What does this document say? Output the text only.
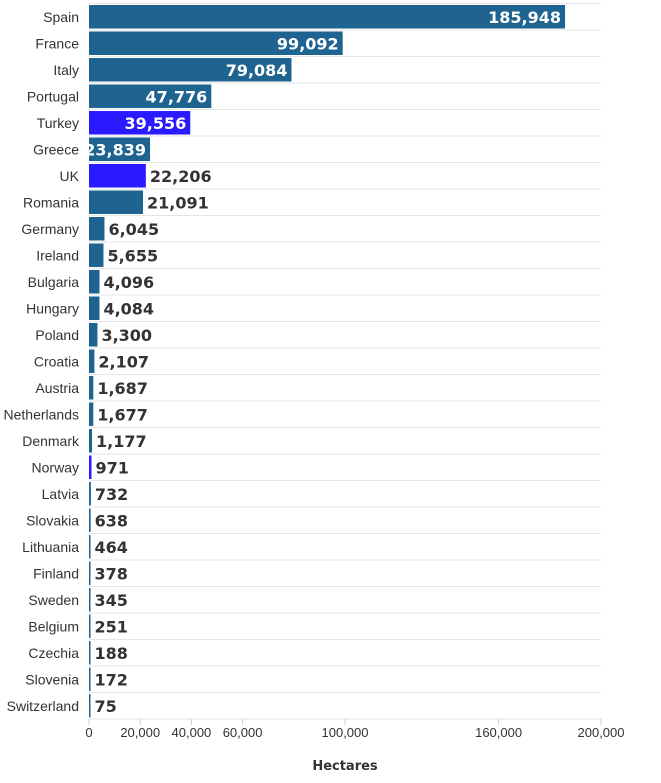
Spain
France
Italy
Portugal
Turkey
Greece
UK
Romania
Germany
Ireland
Bulgaria
Hungary
Poland
Croatia
Austria
Netherlands
Denmark
Norway
Latvia
Slovakia
Lithuania
Finland
Sweden
Belgium
Czechia
Slovenia
Switzerland
185,948
99,092
79,084
47,776
39,556
23,839
22,206
21,091
6,045
5,655
4,096
4,084
3,300
2,107
1,687
1,677
1,177
971
732
638
464
378
345
251
188
172
75
0 20,000 40,000 60,000	100,000	160,000	200,000
Hectares
